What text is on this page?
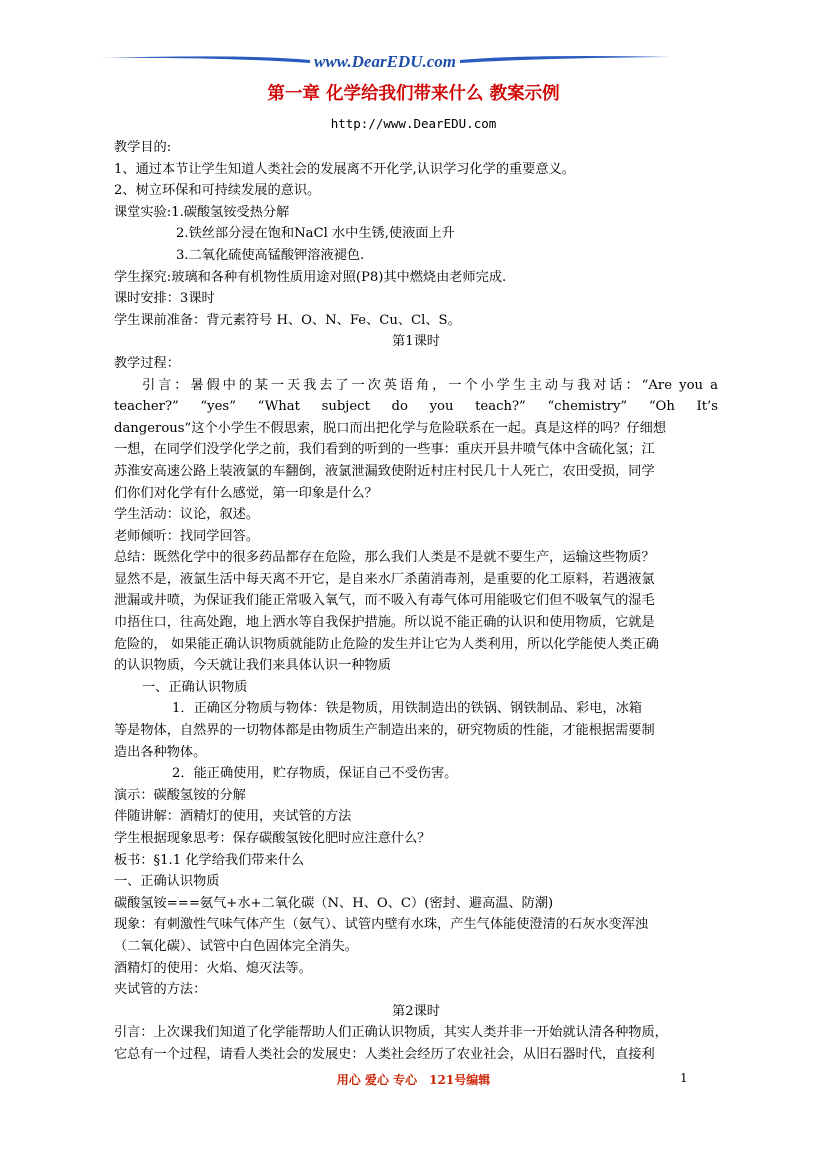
www.DearEDU.com
第一章 化学给我们带来什么 教案示例
http://www.DearEDU.com

教学目的:

1、通过本节让学生知道人类社会的发展离不开化学,认识学习化学的重要意义。

2、树立环保和可持续发展的意识。

课堂实验:1.碳酸氢铵受热分解

2.铁丝部分浸在饱和NaCl 水中生锈,使液面上升

3.二氧化硫使高锰酸钾溶液褪色.

学生探究:玻璃和各种有机物性质用途对照(P8)其中燃烧由老师完成.

课时安排：3课时

学生课前准备：背元素符号 H、O、N、Fe、Cu、Cl、S。

第1课时

教学过程：

引言：暑假中的某一天我去了一次英语角，一个小学生主动与我对话：“Are you a

teacher?” “yes” “What subject do you teach?” “chemistry” “Oh It’s

dangerous”这个小学生不假思索，脱口而出把化学与危险联系在一起。真是这样的吗？仔细想

一想，在同学们没学化学之前，我们看到的听到的一些事：重庆开县井喷气体中含硫化氢；江

苏淮安高速公路上装液氯的车翻倒，液氯泄漏致使附近村庄村民几十人死亡，农田受损，同学

们你们对化学有什么感觉，第一印象是什么？

学生活动：议论，叙述。

老师倾听：找同学回答。

总结：既然化学中的很多药品都存在危险，那么我们人类是不是就不要生产，运输这些物质？

显然不是，液氯生活中每天离不开它，是自来水厂杀菌消毒剂，是重要的化工原料，若遇液氯

泄漏或井喷，为保证我们能正常吸入氧气，而不吸入有毒气体可用能吸它们但不吸氧气的湿毛

巾捂住口，往高处跑，地上洒水等自我保护措施。所以说不能正确的认识和使用物质，它就是

危险的， 如果能正确认识物质就能防止危险的发生并让它为人类利用，所以化学能使人类正确

的认识物质，今天就让我们来具体认识一种物质

一、正确认识物质

1．正确区分物质与物体：铁是物质，用铁制造出的铁锅、钢铁制品、彩电，冰箱

等是物体，自然界的一切物体都是由物质生产制造出来的，研究物质的性能，才能根据需要制

造出各种物体。

2．能正确使用，贮存物质，保证自己不受伤害。

演示：碳酸氢铵的分解

伴随讲解：酒精灯的使用，夹试管的方法

学生根据现象思考：保存碳酸氢铵化肥时应注意什么？

板书：§1.1 化学给我们带来什么

一、正确认识物质

碳酸氢铵===氨气+水+二氧化碳（N、H、O、C）(密封、避高温、防潮)

现象：有刺激性气味气体产生（氨气）、试管内壁有水珠，产生气体能使澄清的石灰水变浑浊

（二氧化碳）、试管中白色固体完全消失。

酒精灯的使用：火焰、熄灭法等。

夹试管的方法：

第2课时

引言：上次课我们知道了化学能帮助人们正确认识物质，其实人类并非一开始就认清各种物质，

它总有一个过程，请看人类社会的发展史：人类社会经历了农业社会，从旧石器时代，直接利

用心 爱心 专心　121号编辑	1
